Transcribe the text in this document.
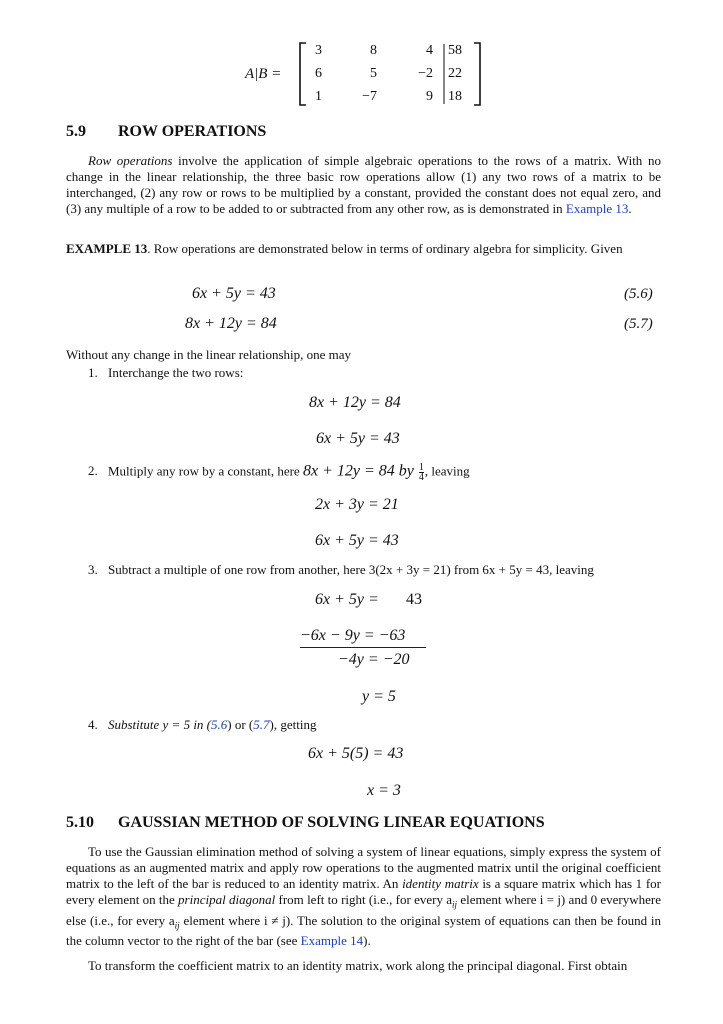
A|B =
3	8	4 58
6	5	−2 22
1	−7	9 18
5.9 ROW OPERATIONS
Row operations involve the application of simple algebraic operations to the rows of a matrix. With no change in the linear relationship, the three basic row operations allow (1) any two rows of a matrix to be interchanged, (2) any row or rows to be multiplied by a constant, provided the constant does not equal zero, and (3) any multiple of a row to be added to or subtracted from any other row, as is demonstrated in Example 13.
EXAMPLE 13. Row operations are demonstrated below in terms of ordinary algebra for simplicity. Given
6x + 5y = 43	(5.6)
8x + 12y = 84	(5.7)
Without any change in the linear relationship, one may
1. Interchange the two rows:
8x + 12y = 84
6x + 5y = 43
2. Multiply any row by a constant, here 8x + 12y = 84 by $\frac{1}{4}$ , leaving
2x + 3y = 21
6x + 5y = 43
3. Subtract a multiple of one row from another, here 3(2x + 3y = 21) from 6x + 5y = 43, leaving
6x + 5y = 43
−6x − 9y = −63
−4y = −20
y = 5
4. Substitute y = 5 in (5.6) or (5.7), getting
6x + 5(5) = 43
x = 3
5.10 GAUSSIAN METHOD OF SOLVING LINEAR EQUATIONS
To use the Gaussian elimination method of solving a system of linear equations, simply express the system of equations as an augmented matrix and apply row operations to the augmented matrix until the original coefficient matrix to the left of the bar is reduced to an identity matrix. An identity matrix is a square matrix which has 1 for every element on the principal diagonal from left to right (i.e., for every $a_{ij}$ element where i = j) and 0 everywhere else (i.e., for every $a_{ij}$ element where i ≠ j). The solution to the original system of equations can then be found in the column vector to the right of the bar (see Example 14).
To transform the coefficient matrix to an identity matrix, work along the principal diagonal. First obtain
